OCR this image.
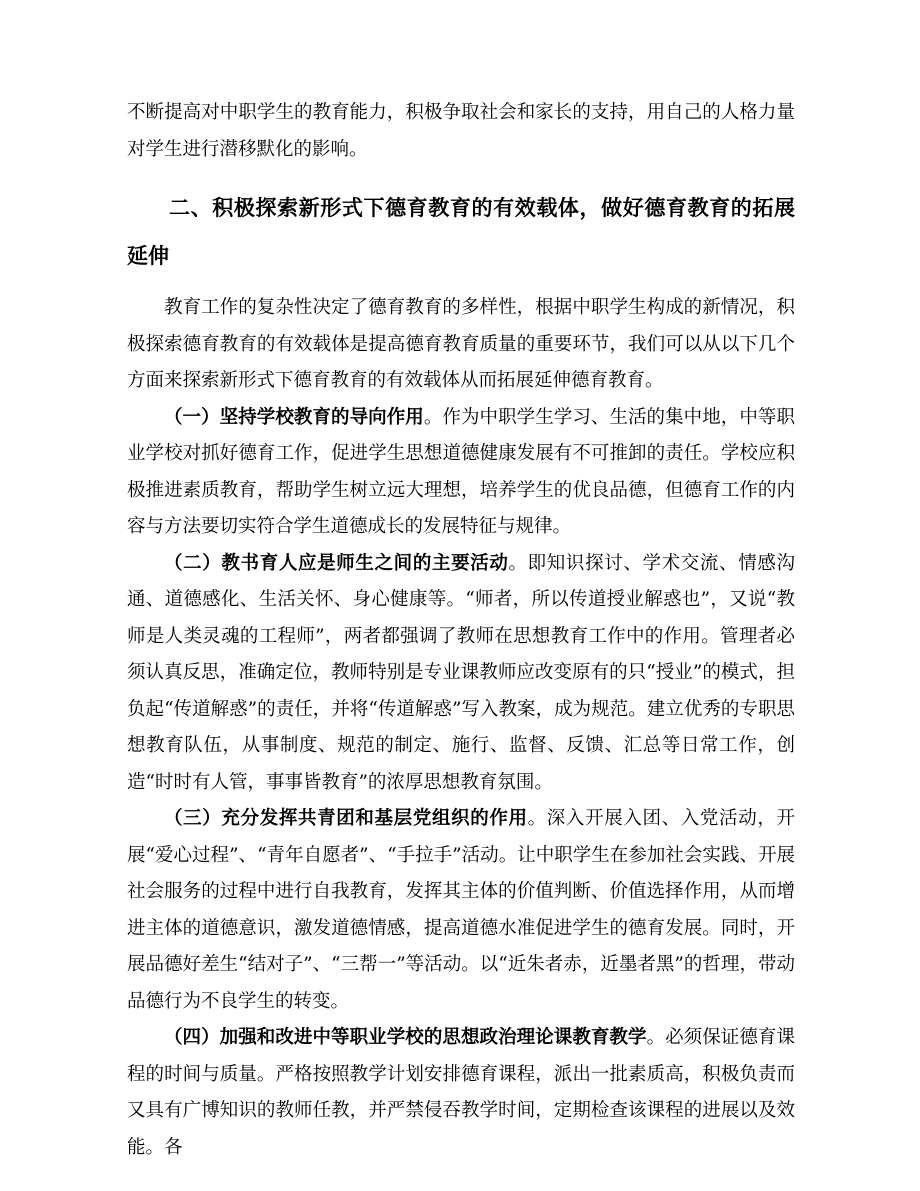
不断提高对中职学生的教育能力，积极争取社会和家长的支持，用自己的人格力量对学生进行潜移默化的影响。

二、积极探索新形式下德育教育的有效载体，做好德育教育的拓展延伸

教育工作的复杂性决定了德育教育的多样性，根据中职学生构成的新情况，积极探索德育教育的有效载体是提高德育教育质量的重要环节，我们可以从以下几个方面来探索新形式下德育教育的有效载体从而拓展延伸德育教育。

（一）坚持学校教育的导向作用。作为中职学生学习、生活的集中地，中等职业学校对抓好德育工作，促进学生思想道德健康发展有不可推卸的责任。学校应积极推进素质教育，帮助学生树立远大理想，培养学生的优良品德，但德育工作的内容与方法要切实符合学生道德成长的发展特征与规律。

（二）教书育人应是师生之间的主要活动。即知识探讨、学术交流、情感沟通、道德感化、生活关怀、身心健康等。“师者，所以传道授业解惑也”，又说“教师是人类灵魂的工程师”，两者都强调了教师在思想教育工作中的作用。管理者必须认真反思，准确定位，教师特别是专业课教师应改变原有的只“授业”的模式，担负起“传道解惑”的责任，并将“传道解惑”写入教案，成为规范。建立优秀的专职思想教育队伍，从事制度、规范的制定、施行、监督、反馈、汇总等日常工作，创造“时时有人管，事事皆教育”的浓厚思想教育氛围。

（三）充分发挥共青团和基层党组织的作用。深入开展入团、入党活动，开展“爱心过程”、“青年自愿者”、“手拉手”活动。让中职学生在参加社会实践、开展社会服务的过程中进行自我教育，发挥其主体的价值判断、价值选择作用，从而增进主体的道德意识，激发道德情感，提高道德水准促进学生的德育发展。同时，开展品德好差生“结对子”、“三帮一”等活动。以“近朱者赤，近墨者黑”的哲理，带动品德行为不良学生的转变。

（四）加强和改进中等职业学校的思想政治理论课教育教学。必须保证德育课程的时间与质量。严格按照教学计划安排德育课程，派出一批素质高，积极负责而又具有广博知识的教师任教，并严禁侵吞教学时间，定期检查该课程的进展以及效能。各
